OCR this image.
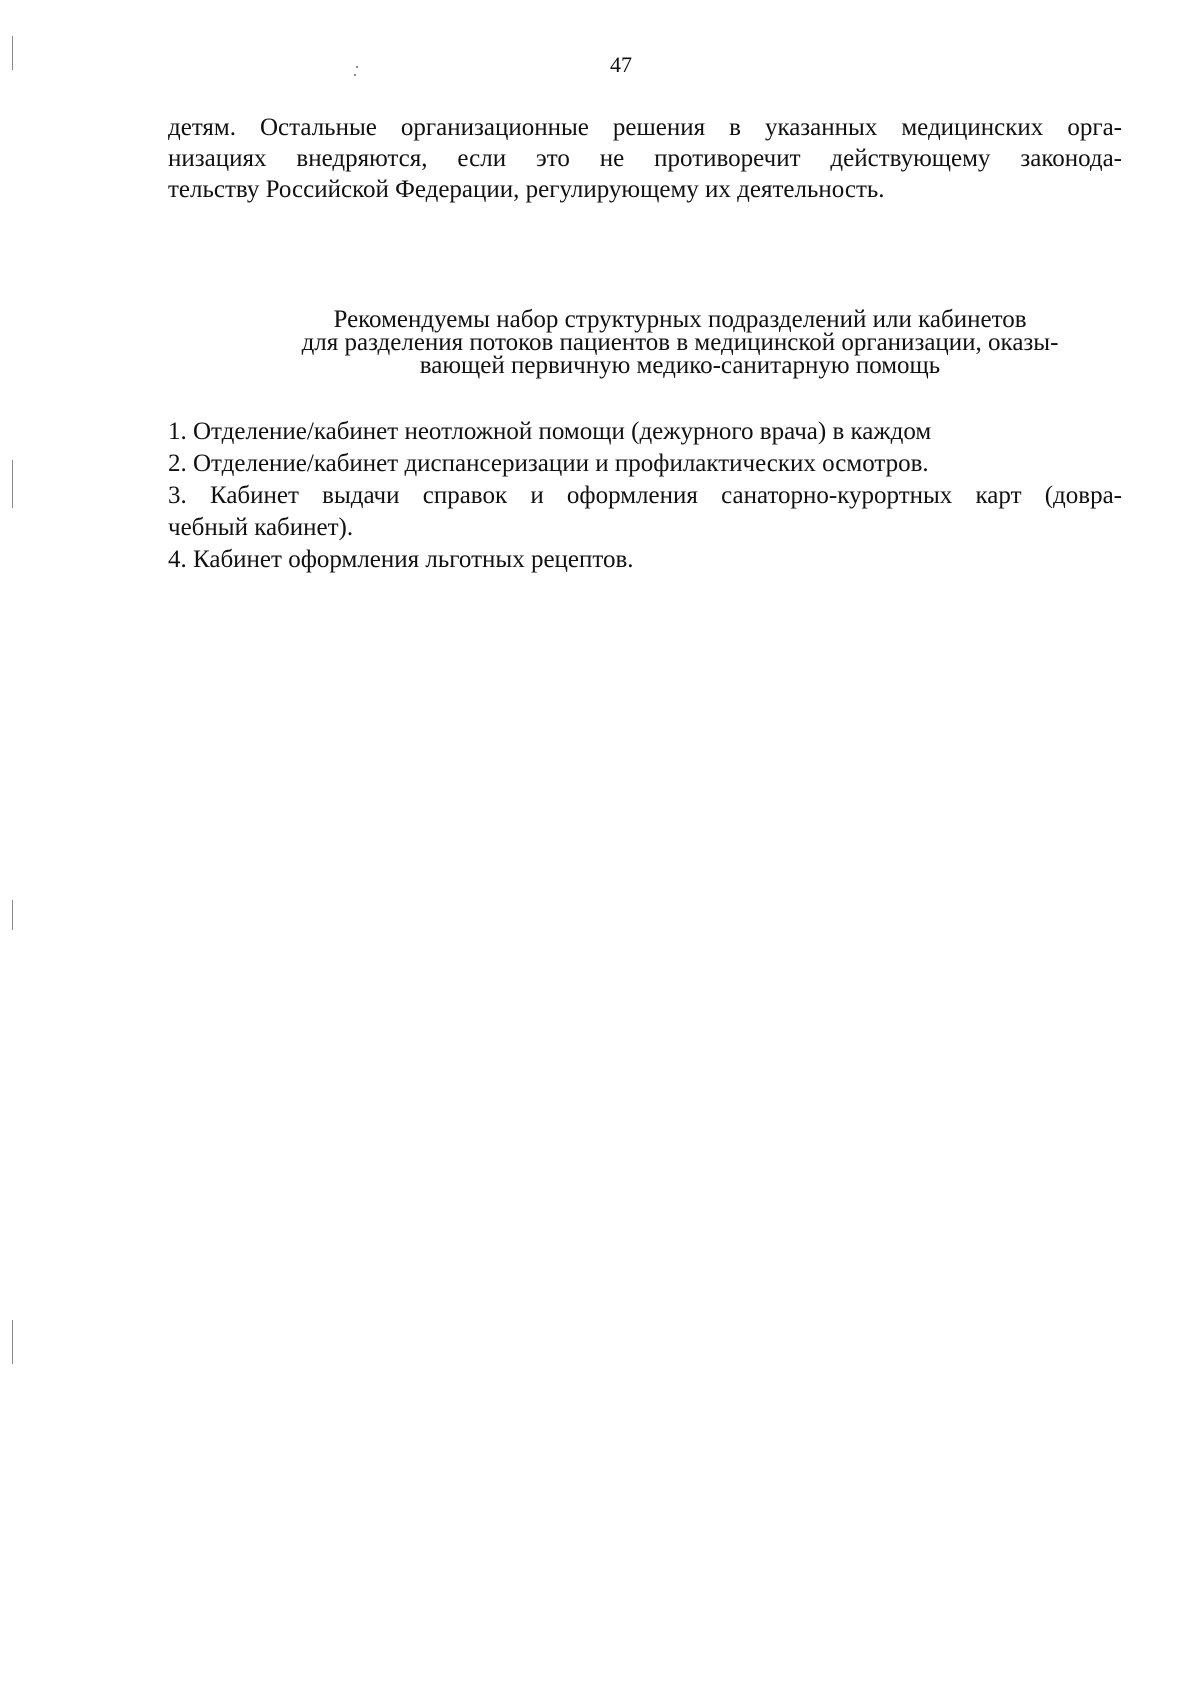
47
детям. Остальные организационные решения в указанных медицинских орга-
низациях внедряются, если это не противоречит действующему законода-
тельству Российской Федерации, регулирующему их деятельность.
Рекомендуемы набор структурных подразделений или кабинетов
для разделения потоков пациентов в медицинской организации, оказы-
вающей первичную медико-санитарную помощь
1. Отделение/кабинет неотложной помощи (дежурного врача) в каждом
2. Отделение/кабинет диспансеризации и профилактических осмотров.
3. Кабинет выдачи справок и оформления санаторно-курортных карт (довра-
чебный кабинет).
4. Кабинет оформления льготных рецептов.
